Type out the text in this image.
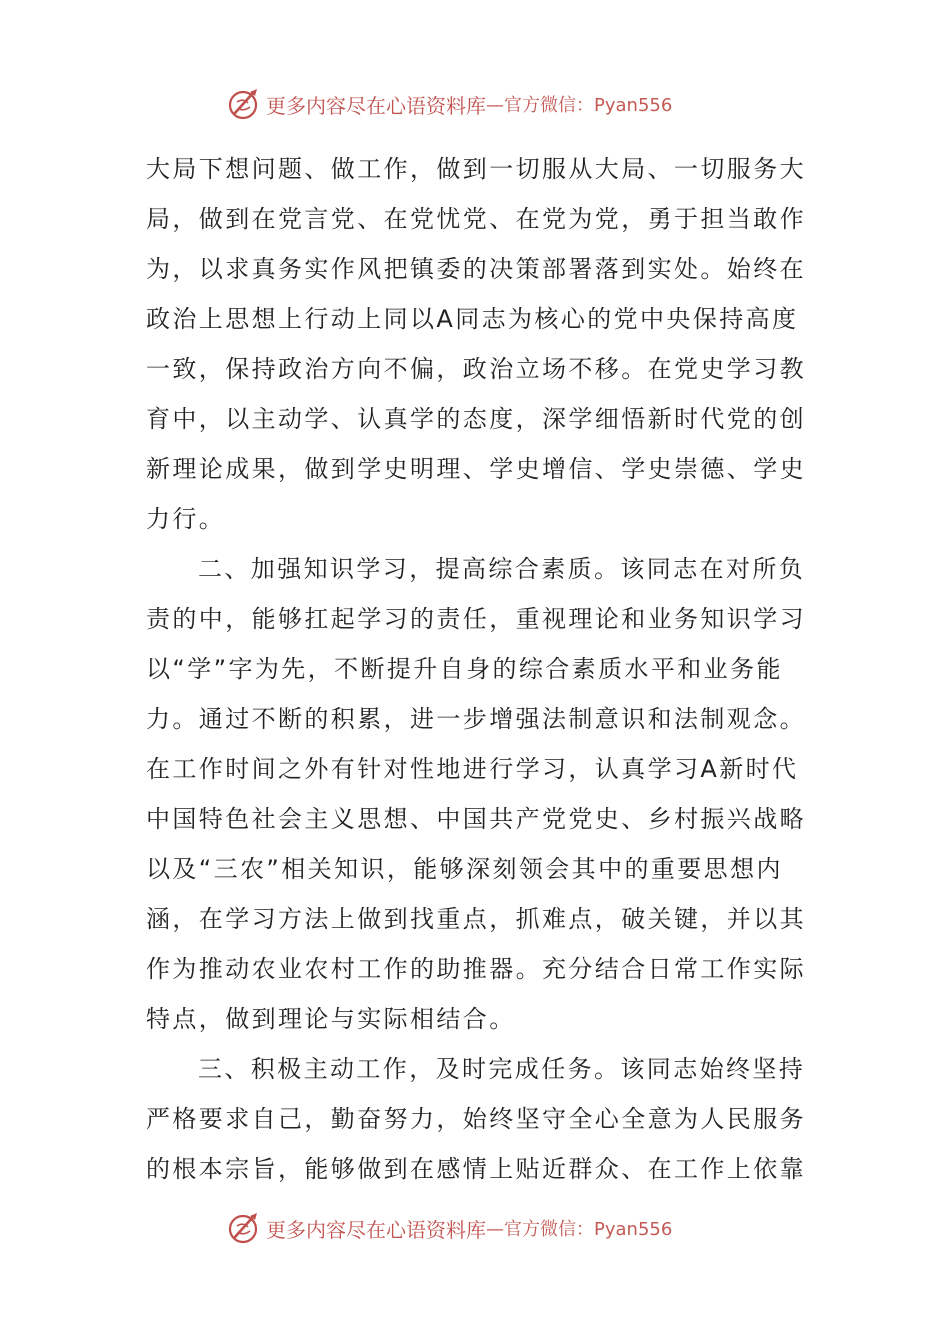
更多内容尽在心语资料库 —官方微信：Pyan556
大局下想问题、做工作，做到一切服从大局、一切服务大
局，做到在党言党、在党忧党、在党为党，勇于担当敢作
为，以求真务实作风把镇委的决策部署落到实处。始终在
政治上思想上行动上同以A同志为核心的党中央保持高度
一致，保持政治方向不偏，政治立场不移。在党史学习教
育中，以主动学、认真学的态度，深学细悟新时代党的创
新理论成果，做到学史明理、学史增信、学史崇德、学史
力行。
二、加强知识学习，提高综合素质。该同志在对所负
责的中，能够扛起学习的责任，重视理论和业务知识学习
以“学”字为先，不断提升自身的综合素质水平和业务能
力。通过不断的积累，进一步增强法制意识和法制观念。
在工作时间之外有针对性地进行学习，认真学习A新时代
中国特色社会主义思想、中国共产党党史、乡村振兴战略
以及“三农”相关知识，能够深刻领会其中的重要思想内
涵，在学习方法上做到找重点，抓难点，破关键，并以其
作为推动农业农村工作的助推器。充分结合日常工作实际
特点，做到理论与实际相结合。
三、积极主动工作，及时完成任务。该同志始终坚持
严格要求自己，勤奋努力，始终坚守全心全意为人民服务
的根本宗旨，能够做到在感情上贴近群众、在工作上依靠
更多内容尽在心语资料库 —官方微信：Pyan556
